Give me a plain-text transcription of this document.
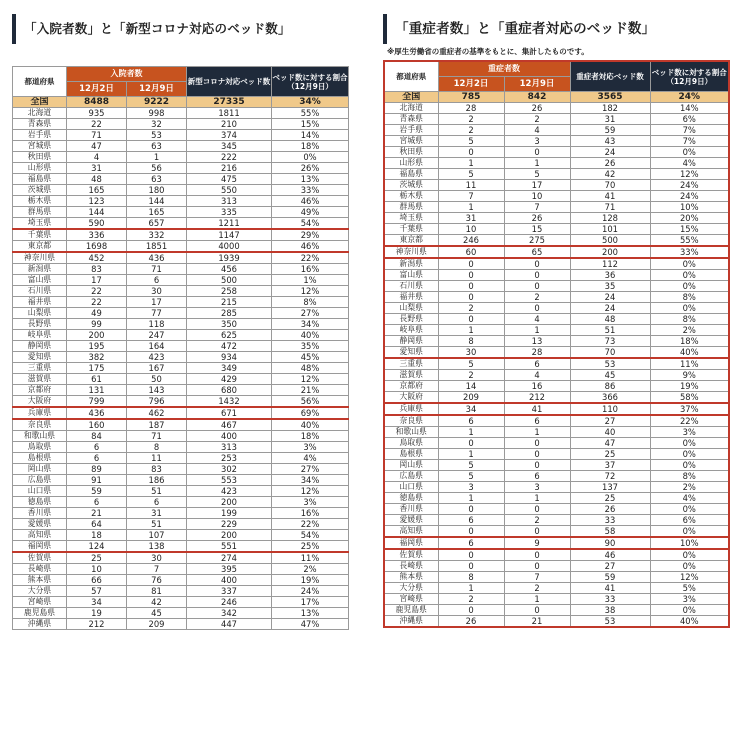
「入院者数」と「新型コロナ対応のベッド数」
都道府県	入院者数		新型コロナ対応ベッド数	ベッド数に対する割合（12月9日）
	12月2日	12月9日		
全国	8488	9222	27335	34%
北海道	935	998	1811	55%
青森県	22	32	210	15%
岩手県	71	53	374	14%
宮城県	47	63	345	18%
秋田県	4	1	222	0%
山形県	31	56	216	26%
福島県	48	63	475	13%
茨城県	165	180	550	33%
栃木県	123	144	313	46%
群馬県	144	165	335	49%
埼玉県	590	657	1211	54%
千葉県	336	332	1147	29%
東京都	1698	1851	4000	46%
神奈川県	452	436	1939	22%
新潟県	83	71	456	16%
富山県	17	6	500	1%
石川県	22	30	258	12%
福井県	22	17	215	8%
山梨県	49	77	285	27%
長野県	99	118	350	34%
岐阜県	200	247	625	40%
静岡県	195	164	472	35%
愛知県	382	423	934	45%
三重県	175	167	349	48%
滋賀県	61	50	429	12%
京都府	131	143	680	21%
大阪府	799	796	1432	56%
兵庫県	436	462	671	69%
奈良県	160	187	467	40%
和歌山県	84	71	400	18%
鳥取県	6	8	313	3%
島根県	6	11	253	4%
岡山県	89	83	302	27%
広島県	91	186	553	34%
山口県	59	51	423	12%
徳島県	6	6	200	3%
香川県	21	31	199	16%
愛媛県	64	51	229	22%
高知県	18	107	200	54%
福岡県	124	138	551	25%
佐賀県	25	30	274	11%
長崎県	10	7	395	2%
熊本県	66	76	400	19%
大分県	57	81	337	24%
宮崎県	34	42	246	17%
鹿児島県	19	45	342	13%
沖縄県	212	209	447	47%
「重症者数」と「重症者対応のベッド数」
※厚生労働省の重症者の基準をもとに、集計したものです。
都道府県	重症者数		重症者対応ベッド数	ベッド数に対する割合（12月9日）
	12月2日	12月9日		
全国	785	842	3565	24%
北海道	28	26	182	14%
青森県	2	2	31	6%
岩手県	2	4	59	7%
宮城県	5	3	43	7%
秋田県	0	0	24	0%
山形県	1	1	26	4%
福島県	5	5	42	12%
茨城県	11	17	70	24%
栃木県	7	10	41	24%
群馬県	1	7	71	10%
埼玉県	31	26	128	20%
千葉県	10	15	101	15%
東京都	246	275	500	55%
神奈川県	60	65	200	33%
新潟県	0	0	112	0%
富山県	0	0	36	0%
石川県	0	0	35	0%
福井県	0	2	24	8%
山梨県	2	0	24	0%
長野県	0	4	48	8%
岐阜県	1	1	51	2%
静岡県	8	13	73	18%
愛知県	30	28	70	40%
三重県	5	6	53	11%
滋賀県	2	4	45	9%
京都府	14	16	86	19%
大阪府	209	212	366	58%
兵庫県	34	41	110	37%
奈良県	6	6	27	22%
和歌山県	1	1	40	3%
鳥取県	0	0	47	0%
島根県	1	0	25	0%
岡山県	5	0	37	0%
広島県	5	6	72	8%
山口県	3	3	137	2%
徳島県	1	1	25	4%
香川県	0	0	26	0%
愛媛県	6	2	33	6%
高知県	0	0	58	0%
福岡県	6	9	90	10%
佐賀県	0	0	46	0%
長崎県	0	0	27	0%
熊本県	8	7	59	12%
大分県	1	2	41	5%
宮崎県	2	1	33	3%
鹿児島県	0	0	38	0%
沖縄県	26	21	53	40%
